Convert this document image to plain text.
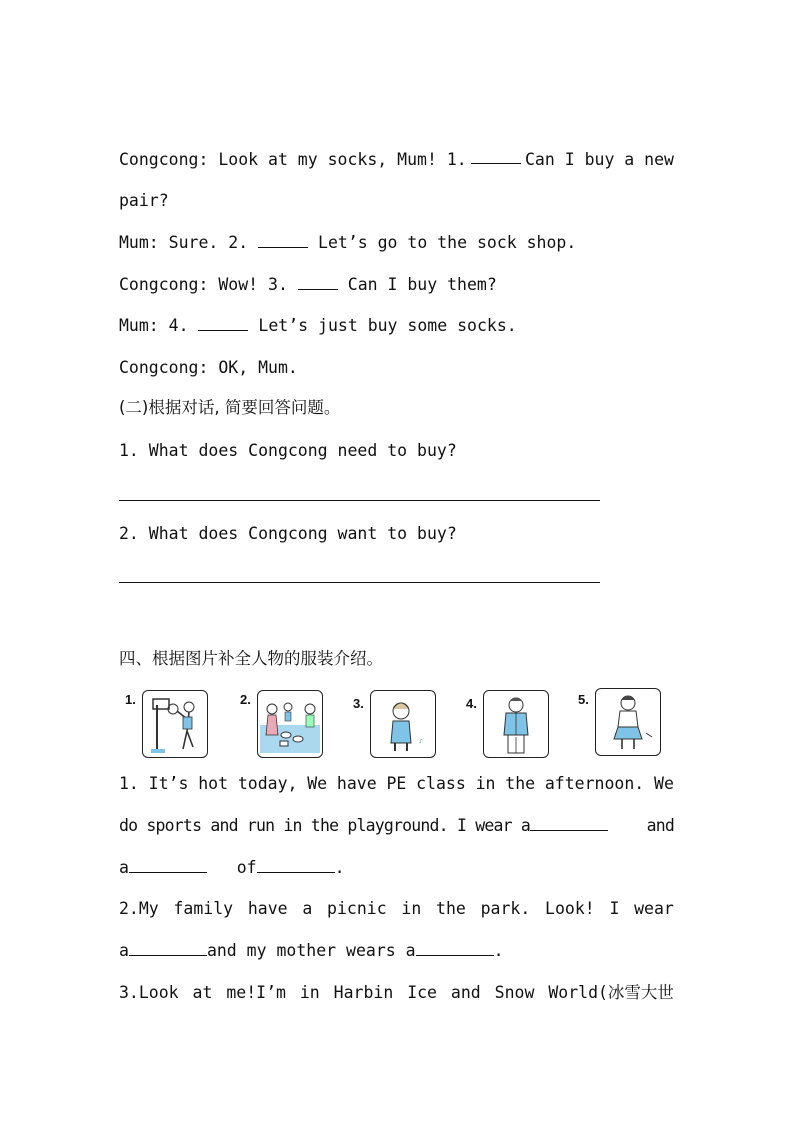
Congcong: Look at my socks, Mum! 1.	Can I buy a new
pair?
Mum: Sure. 2.	Let’s go to the sock shop.
Congcong: Wow! 3.	Can I buy them?
Mum: 4.	Let’s just buy some socks.
Congcong: OK, Mum.
(二)根据对话, 简要回答问题。
1. What does Congcong need to buy?
2. What does Congcong want to buy?
四、根据图片补全人物的服装介绍。
1.	2.	3.
♪
4.	5.
1. It’s hot today, We have PE class in the afternoon. We
do sports and run in the playground. I wear a	and
a	of	.
2.My family have a picnic in the park. Look! I wear
a	and my mother wears a	.
3.Look at me!I’m in Harbin Ice and Snow World(冰雪大世
